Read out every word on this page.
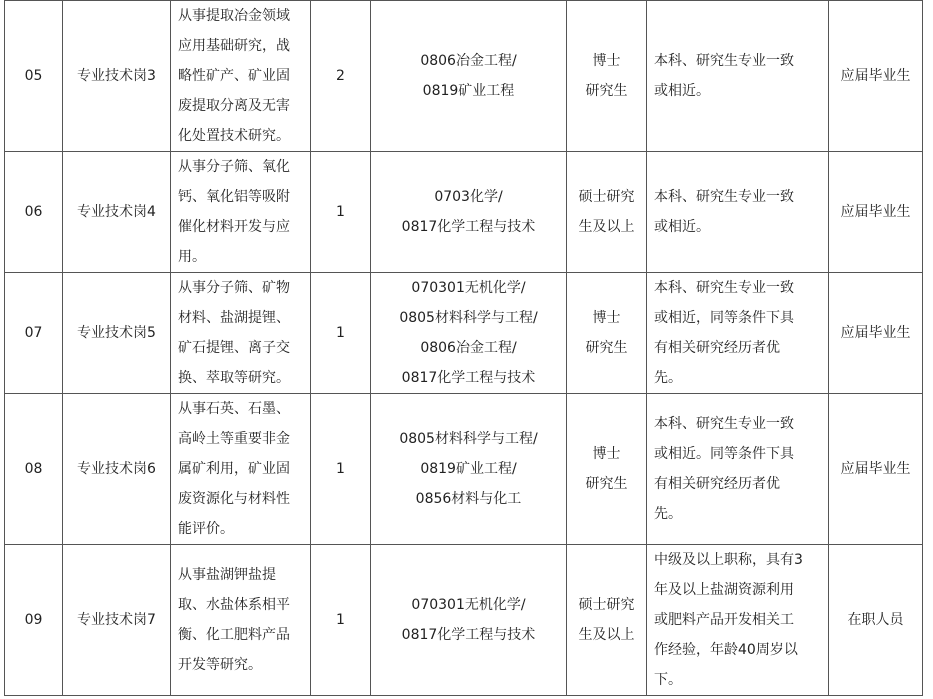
05	专业技术岗3	从事提取冶金领域
应用基础研究，战
略性矿产、矿业固
废提取分离及无害
化处置技术研究。	2	0806冶金工程/
0819矿业工程	博士
研究生	本科、研究生专业一致
或相近。	应届毕业生
06	专业技术岗4	从事分子筛、氧化
钙、氧化铝等吸附
催化材料开发与应
用。	1	0703化学/
0817化学工程与技术	硕士研究
生及以上	本科、研究生专业一致
或相近。	应届毕业生
07	专业技术岗5	从事分子筛、矿物
材料、盐湖提锂、
矿石提锂、离子交
换、萃取等研究。	1	070301无机化学/
0805材料科学与工程/
0806冶金工程/
0817化学工程与技术	博士
研究生	本科、研究生专业一致
或相近，同等条件下具
有相关研究经历者优
先。	应届毕业生
08	专业技术岗6	从事石英、石墨、
高岭土等重要非金
属矿利用，矿业固
废资源化与材料性
能评价。	1	0805材料科学与工程/
0819矿业工程/
0856材料与化工	博士
研究生	本科、研究生专业一致
或相近。同等条件下具
有相关研究经历者优
先。	应届毕业生
09	专业技术岗7	从事盐湖钾盐提
取、水盐体系相平
衡、化工肥料产品
开发等研究。	1	070301无机化学/
0817化学工程与技术	硕士研究
生及以上	中级及以上职称，具有3
年及以上盐湖资源利用
或肥料产品开发相关工
作经验，年龄40周岁以
下。	在职人员
